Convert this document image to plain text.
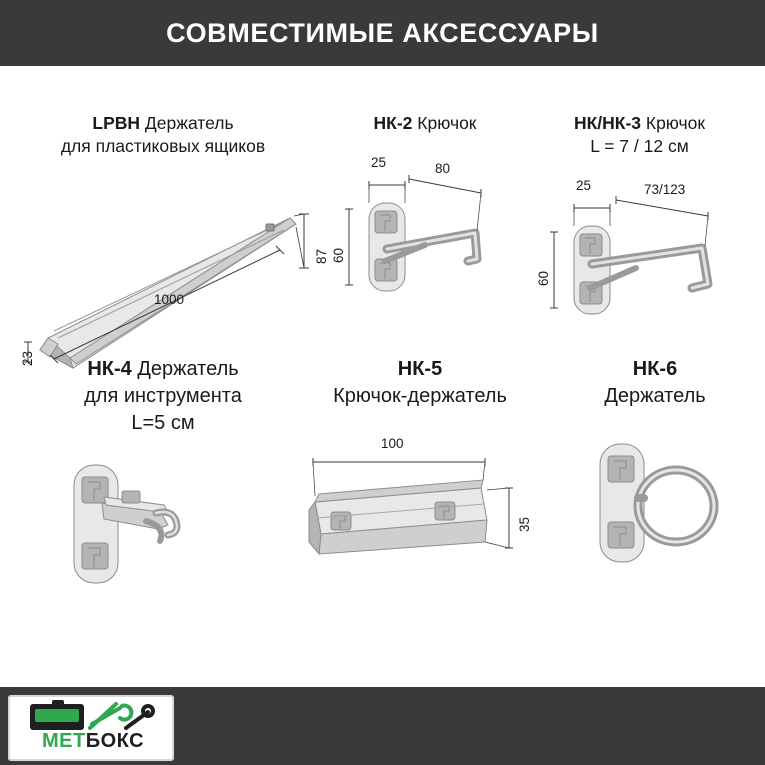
СОВМЕСТИМЫЕ АКСЕССУАРЫ
LPBH Держатель
для пластиковых ящиков
87
1000
23
НК-2 Крючок
25	80
60
НК/НК-3 Крючок
L = 7 / 12 см
25	73/123
60
НК-4 Держатель
для инструмента
L=5 см
НК-5
Крючок-держатель
100
35
НК-6
Держатель
МЕТБОКС
